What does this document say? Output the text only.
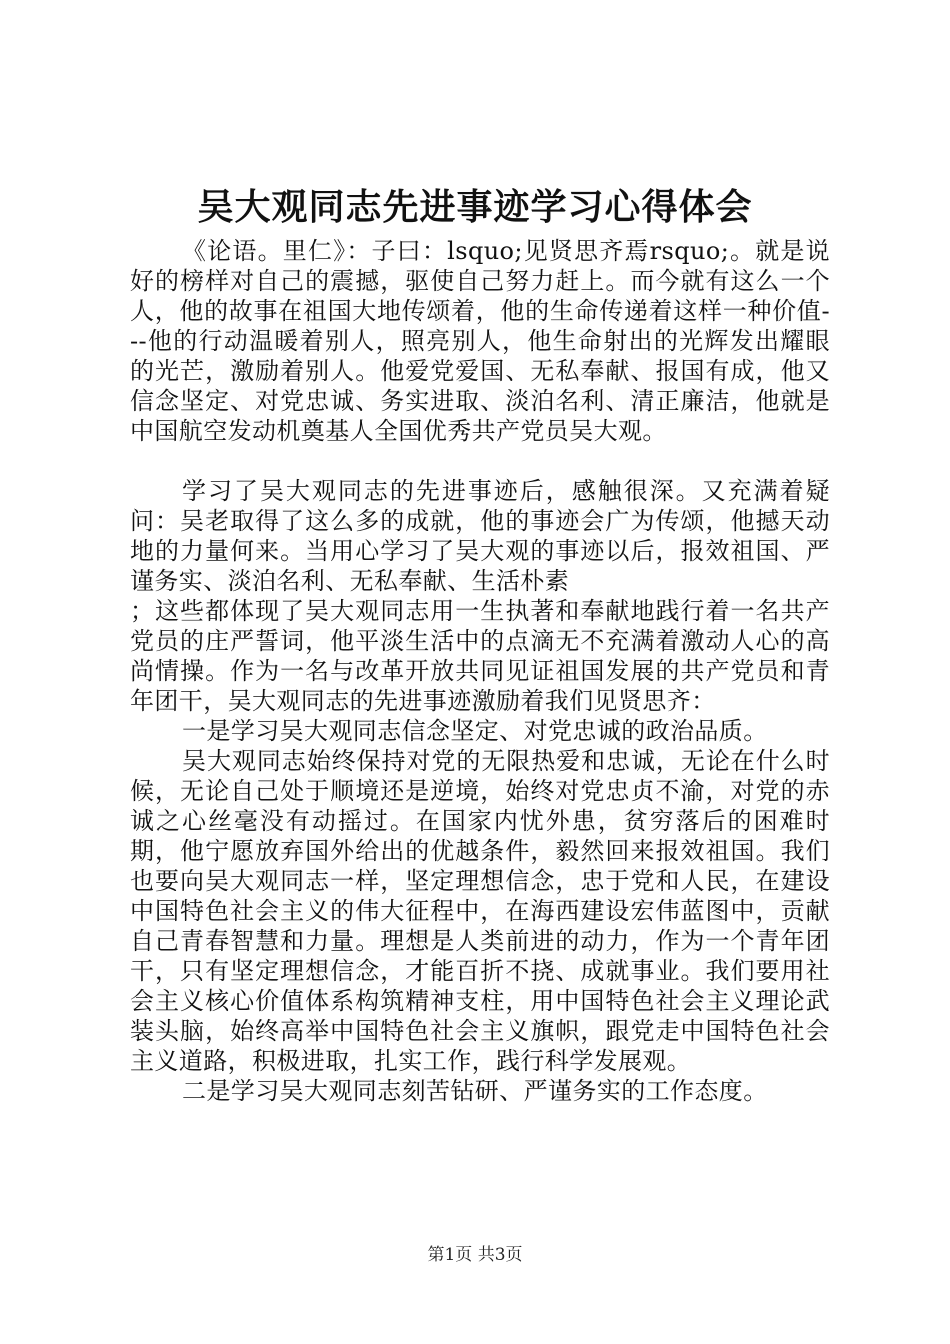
吴大观同志先进事迹学习心得体会

《论语。里仁》：子曰：lsquo;见贤思齐焉rsquo;。就是说好的榜样对自己的震撼，驱使自己努力赶上。而今就有这么一个人，他的故事在祖国大地传颂着，他的生命传递着这样一种价值---他的行动温暖着别人，照亮别人，他生命射出的光辉发出耀眼的光芒，激励着别人。他爱党爱国、无私奉献、报国有成，他又信念坚定、对党忠诚、务实进取、淡泊名利、清正廉洁，他就是中国航空发动机奠基人全国优秀共产党员吴大观。

学习了吴大观同志的先进事迹后，感触很深。又充满着疑问：吴老取得了这么多的成就，他的事迹会广为传颂，他撼天动地的力量何来。当用心学习了吴大观的事迹以后，报效祖国、严谨务实、淡泊名利、无私奉献、生活朴素

；这些都体现了吴大观同志用一生执著和奉献地践行着一名共产党员的庄严誓词，他平淡生活中的点滴无不充满着激动人心的高尚情操。作为一名与改革开放共同见证祖国发展的共产党员和青年团干，吴大观同志的先进事迹激励着我们见贤思齐：

一是学习吴大观同志信念坚定、对党忠诚的政治品质。

吴大观同志始终保持对党的无限热爱和忠诚，无论在什么时候，无论自己处于顺境还是逆境，始终对党忠贞不渝，对党的赤诚之心丝毫没有动摇过。在国家内忧外患，贫穷落后的困难时期，他宁愿放弃国外给出的优越条件，毅然回来报效祖国。我们也要向吴大观同志一样，坚定理想信念，忠于党和人民，在建设中国特色社会主义的伟大征程中，在海西建设宏伟蓝图中，贡献自己青春智慧和力量。理想是人类前进的动力，作为一个青年团干，只有坚定理想信念，才能百折不挠、成就事业。我们要用社会主义核心价值体系构筑精神支柱，用中国特色社会主义理论武装头脑，始终高举中国特色社会主义旗帜，跟党走中国特色社会主义道路，积极进取，扎实工作，践行科学发展观。

二是学习吴大观同志刻苦钻研、严谨务实的工作态度。

第1页 共3页
